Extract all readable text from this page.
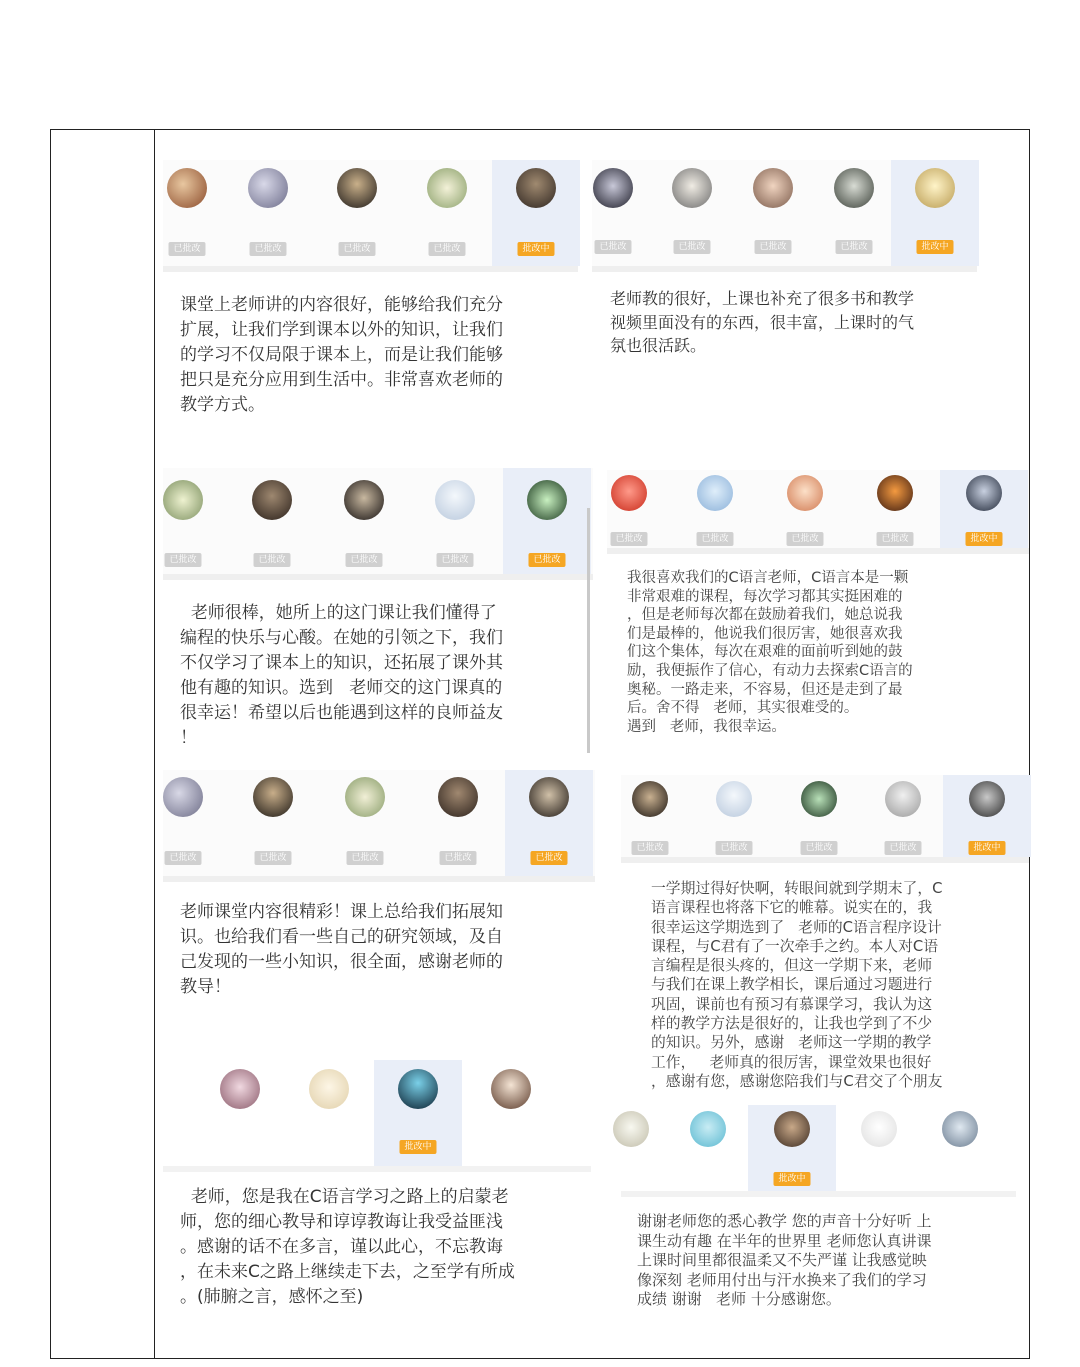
已批改	已批改	已批改	已批改	批改中
课堂上老师讲的内容很好，能够给我们充分
扩展，让我们学到课本以外的知识，让我们
的学习不仅局限于课本上，而是让我们能够
把只是充分应用到生活中。非常喜欢老师的
教学方式。
已批改	已批改	已批改	已批改	已批改
老师很棒，她所上的这门课让我们懂得了
编程的快乐与心酸。在她的引领之下，我们
不仅学习了课本上的知识，还拓展了课外其
他有趣的知识。选到   老师交的这门课真的
很幸运！希望以后也能遇到这样的良师益友
！
已批改	已批改	已批改	已批改	已批改
老师课堂内容很精彩！课上总给我们拓展知
识。也给我们看一些自己的研究领域，及自
己发现的一些小知识，很全面，感谢老师的
教导！
批改中
老师，您是我在C语言学习之路上的启蒙老
师，您的细心教导和谆谆教诲让我受益匪浅
。感谢的话不在多言，谨以此心，不忘教诲
，在未来C之路上继续走下去，之至学有所成
。(肺腑之言，感怀之至)
已批改	已批改	已批改	已批改	批改中
老师教的很好，上课也补充了很多书和教学
视频里面没有的东西，很丰富，上课时的气
氛也很活跃。
已批改	已批改	已批改	已批改	批改中
我很喜欢我们的C语言老师，C语言本是一颗
非常艰难的课程，每次学习都其实挺困难的
，但是老师每次都在鼓励着我们，她总说我
们是最棒的，他说我们很厉害，她很喜欢我
们这个集体，每次在艰难的面前听到她的鼓
励，我便振作了信心，有动力去探索C语言的
奥秘。一路走来，不容易，但还是走到了最
后。舍不得   老师，其实很难受的。
遇到   老师，我很幸运。
已批改	已批改	已批改	已批改	批改中
一学期过得好快啊，转眼间就到学期末了，C
语言课程也将落下它的帷幕。说实在的，我
很幸运这学期选到了   老师的C语言程序设计
课程，与C君有了一次牵手之约。本人对C语
言编程是很头疼的，但这一学期下来，老师
与我们在课上教学相长，课后通过习题进行
巩固，课前也有预习有慕课学习，我认为这
样的教学方法是很好的，让我也学到了不少
的知识。另外，感谢   老师这一学期的教学
工作，   老师真的很厉害，课堂效果也很好
，感谢有您，感谢您陪我们与C君交了个朋友
批改中
谢谢老师您的悉心教学 您的声音十分好听 上
课生动有趣 在半年的世界里 老师您认真讲课
上课时间里都很温柔又不失严谨 让我感觉映
像深刻 老师用付出与汗水换来了我们的学习
成绩 谢谢   老师 十分感谢您。
